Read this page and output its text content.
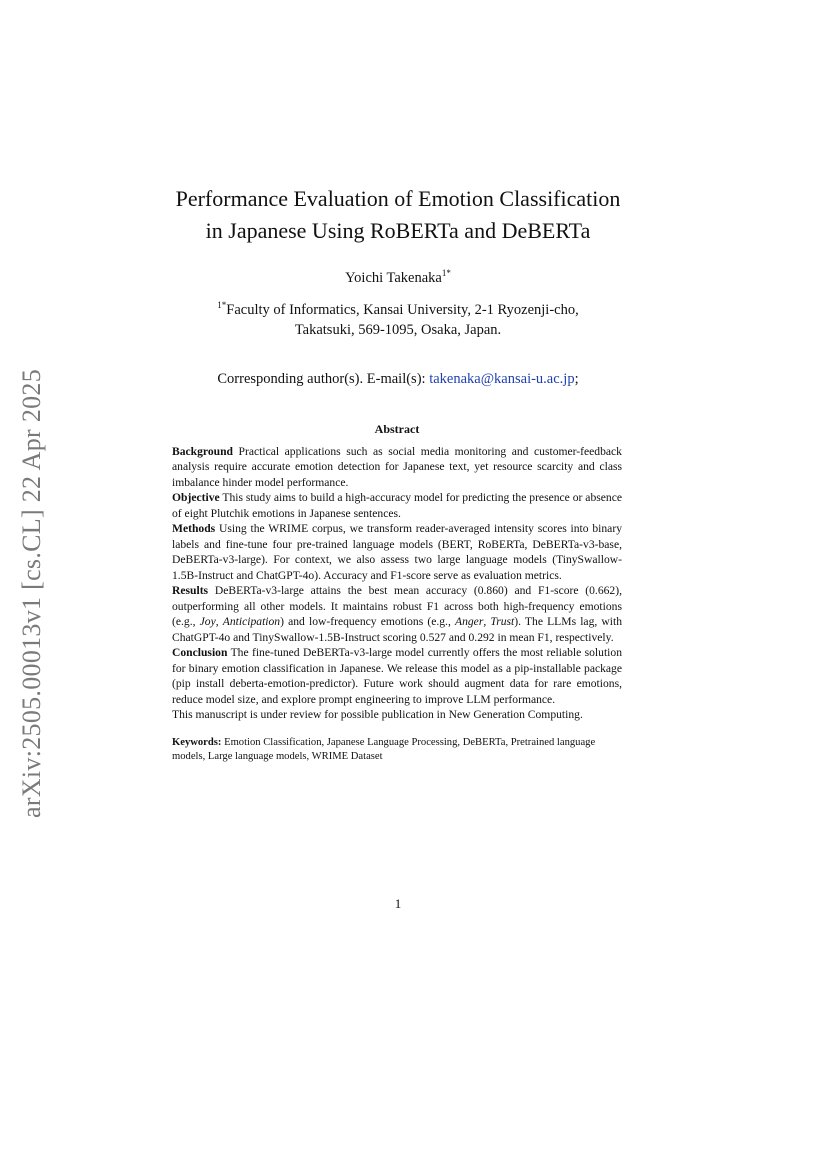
arXiv:2505.00013v1 [cs.CL] 22 Apr 2025
Performance Evaluation of Emotion Classification
in Japanese Using RoBERTa and DeBERTa
Yoichi Takenaka$^{1*}$
$^{1*}$Faculty of Informatics, Kansai University, 2-1 Ryozenji-cho,
Takatsuki, 569-1095, Osaka, Japan.
Corresponding author(s). E-mail(s): takenaka@kansai-u.ac.jp;
Abstract

Background Practical applications such as social media monitoring and customer-feedback analysis require accurate emotion detection for Japanese text, yet resource scarcity and class imbalance hinder model performance.

Objective This study aims to build a high-accuracy model for predicting the presence or absence of eight Plutchik emotions in Japanese sentences.

Methods Using the WRIME corpus, we transform reader-averaged intensity scores into binary labels and fine-tune four pre-trained language models (BERT, RoBERTa, DeBERTa-v3-base, DeBERTa-v3-large). For context, we also assess two large language models (TinySwallow-1.5B-Instruct and ChatGPT-4o). Accuracy and F1-score serve as evaluation metrics.

Results DeBERTa-v3-large attains the best mean accuracy (0.860) and F1-score (0.662), outperforming all other models. It maintains robust F1 across both high-frequency emotions (e.g., Joy, Anticipation) and low-frequency emotions (e.g., Anger, Trust). The LLMs lag, with ChatGPT-4o and TinySwallow-1.5B-Instruct scoring 0.527 and 0.292 in mean F1, respectively.

Conclusion The fine-tuned DeBERTa-v3-large model currently offers the most reliable solution for binary emotion classification in Japanese. We release this model as a pip-installable package (pip install deberta-emotion-predictor). Future work should augment data for rare emotions, reduce model size, and explore prompt engineering to improve LLM performance.

This manuscript is under review for possible publication in New Generation Computing.

Keywords: Emotion Classification, Japanese Language Processing, DeBERTa, Pretrained language models, Large language models, WRIME Dataset
1
